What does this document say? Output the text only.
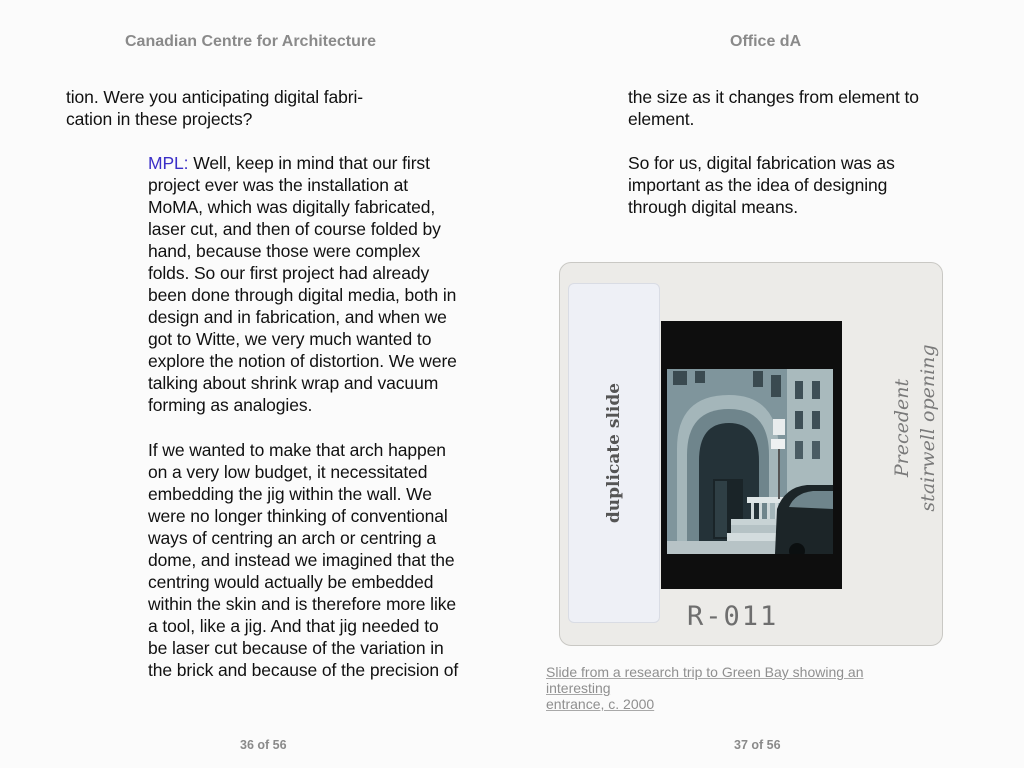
Canadian Centre for Architecture	Office dA
tion. Were you anticipating digital fabri-
cation in these projects?
MPL: Well, keep in mind that our first
project ever was the installation at
MoMA, which was digitally fabricated,
laser cut, and then of course folded by
hand, because those were complex
folds. So our first project had already
been done through digital media, both in
design and in fabrication, and when we
got to Witte, we very much wanted to
explore the notion of distortion. We were
talking about shrink wrap and vacuum
forming as analogies.
If we wanted to make that arch happen
on a very low budget, it necessitated
embedding the jig within the wall. We
were no longer thinking of conventional
ways of centring an arch or centring a
dome, and instead we imagined that the
centring would actually be embedded
within the skin and is therefore more like
a tool, like a jig. And that jig needed to
be laser cut because of the variation in
the brick and because of the precision of
the size as it changes from element to
element.
So for us, digital fabrication was as
important as the idea of designing
through digital means.
duplicate slide	Precedent stairwell opening
R-011
Slide from a research trip to Green Bay showing an interesting
entrance, c. 2000
36 of 56	37 of 56
